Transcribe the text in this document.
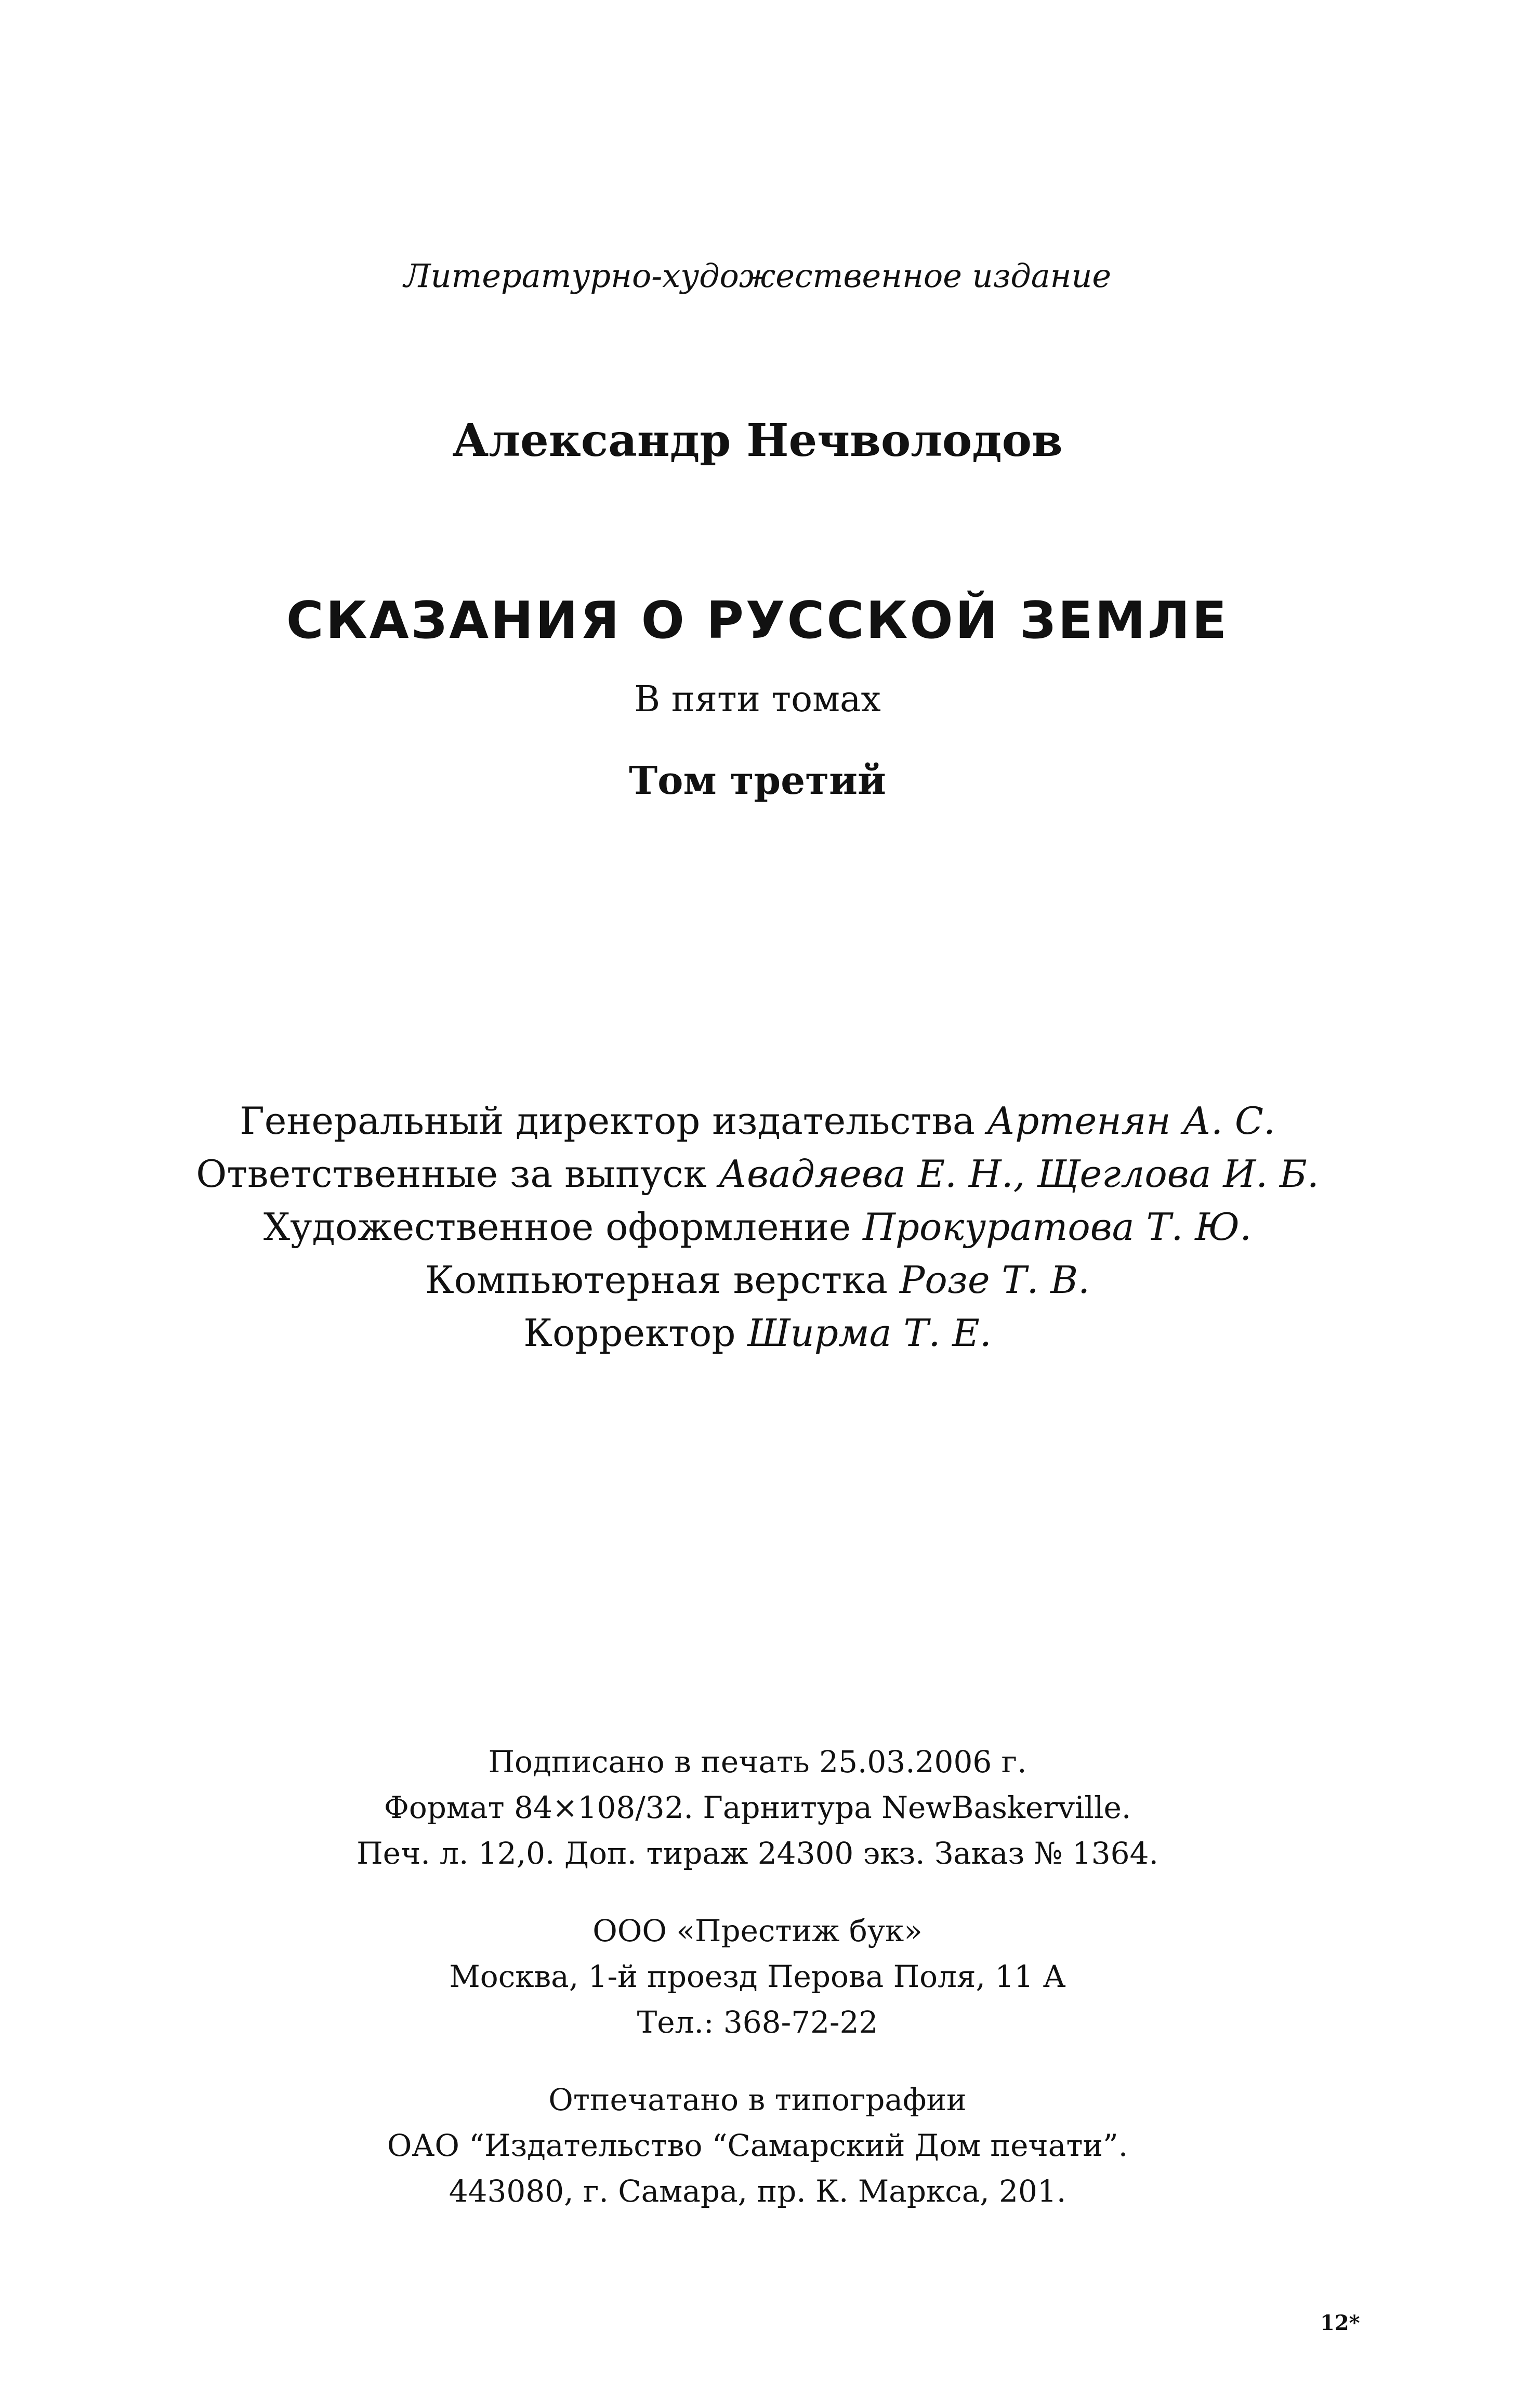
Литературно-художественное издание
Александр Нечволодов
СКАЗАНИЯ О РУССКОЙ ЗЕМЛЕ
В пяти томах
Том третий
Генеральный директор издательства Артенян А. С.
Ответственные за выпуск Авадяева Е. Н., Щеглова И. Б.
Художественное оформление Прокуратова Т. Ю.
Компьютерная верстка Розе Т. В.
Корректор Ширма Т. Е.
Подписано в печать 25.03.2006 г.
Формат 84×108/32. Гарнитура NewBaskerville.
Печ. л. 12,0. Доп. тираж 24300 экз. Заказ № 1364.
ООО «Престиж бук»
Москва, 1-й проезд Перова Поля, 11 А
Тел.: 368-72-22
Отпечатано в типографии
ОАО “Издательство “Самарский Дом печати”.
443080, г. Самара, пр. К. Маркса, 201.
12*
